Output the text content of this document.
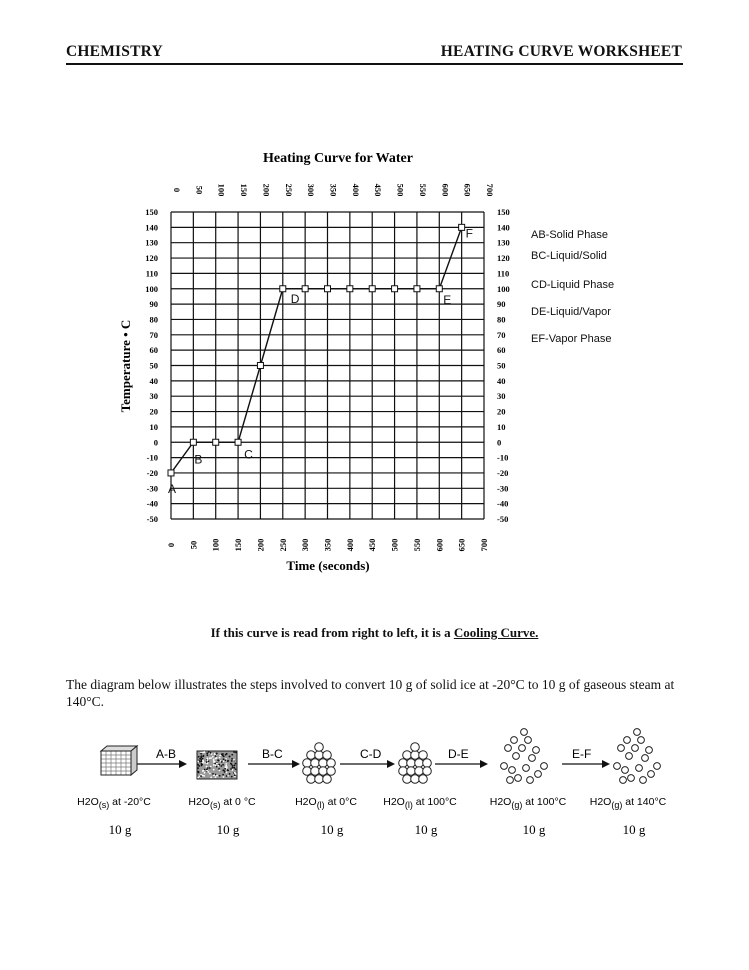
CHEMISTRY	HEATING CURVE WORKSHEET
Heating Curve for Water
150	150
140	140
130	130
120	120
110	110
100	100
90	90
80	80
70	70
60	60
50	50
40	40
30	30
20	20
10	10
0	0
-10	-10
-20	-20
-30	-30
-40	-40
-50	-50
0
0
50
50
100
100
150
150
200
200
250
250
300
300
350
350
400
400
450
450
500
500
550
550
600
600
650
650
700
700
Time (seconds)
Temperature • C
A
B	C
D	E
F	AB-Solid Phase
BC-Liquid/Solid
CD-Liquid Phase
DE-Liquid/Vapor
EF-Vapor Phase
If this curve is read from right to left, it is a Cooling Curve.
The diagram below illustrates the steps involved to convert 10 g of solid ice at -20°C to 10 g of gaseous steam at 140°C.
A-B	B-C	C-D	D-E	E-F
H2O(s) at -20°C
10 g
H2O(s) at 0 °C
10 g
H2O(l) at 0°C
10 g
H2O(l) at 100°C
10 g
H2O(g) at 100°C
10 g
H2O(g) at 140°C
10 g
